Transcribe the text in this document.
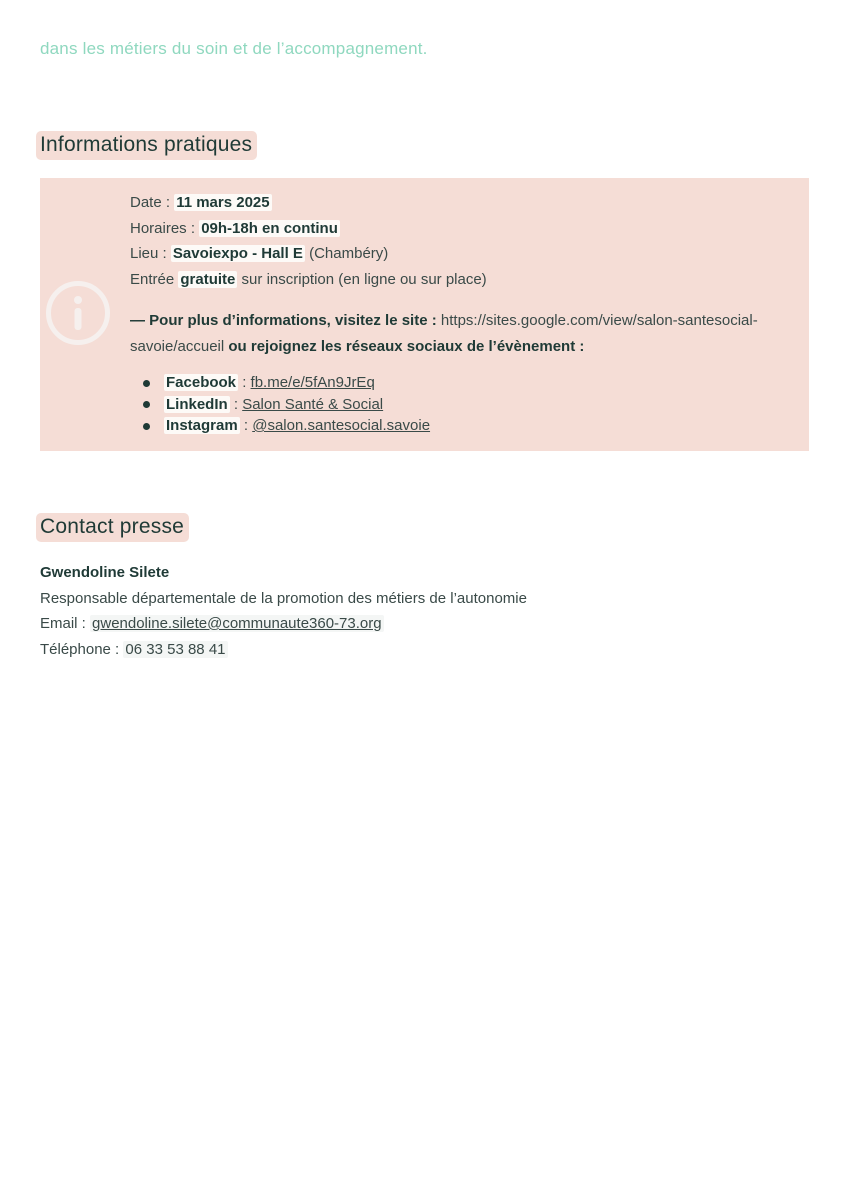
dans les métiers du soin et de l’accompagnement.
Informations pratiques
Date : 11 mars 2025
Horaires : 09h-18h en continu
Lieu : Savoiexpo - Hall E (Chambéry)
Entrée gratuite sur inscription (en ligne ou sur place)
— Pour plus d’informations, visitez le site : https://sites.google.com/view/salon-santesocial-savoie/accueil ou rejoignez les réseaux sociaux de l’évènement :
Facebook : fb.me/e/5fAn9JrEq
LinkedIn : Salon Santé & Social
Instagram : @salon.santesocial.savoie
Contact presse
Gwendoline Silete
Responsable départementale de la promotion des métiers de l’autonomie
Email : gwendoline.silete@communaute360-73.org
Téléphone : 06 33 53 88 41
